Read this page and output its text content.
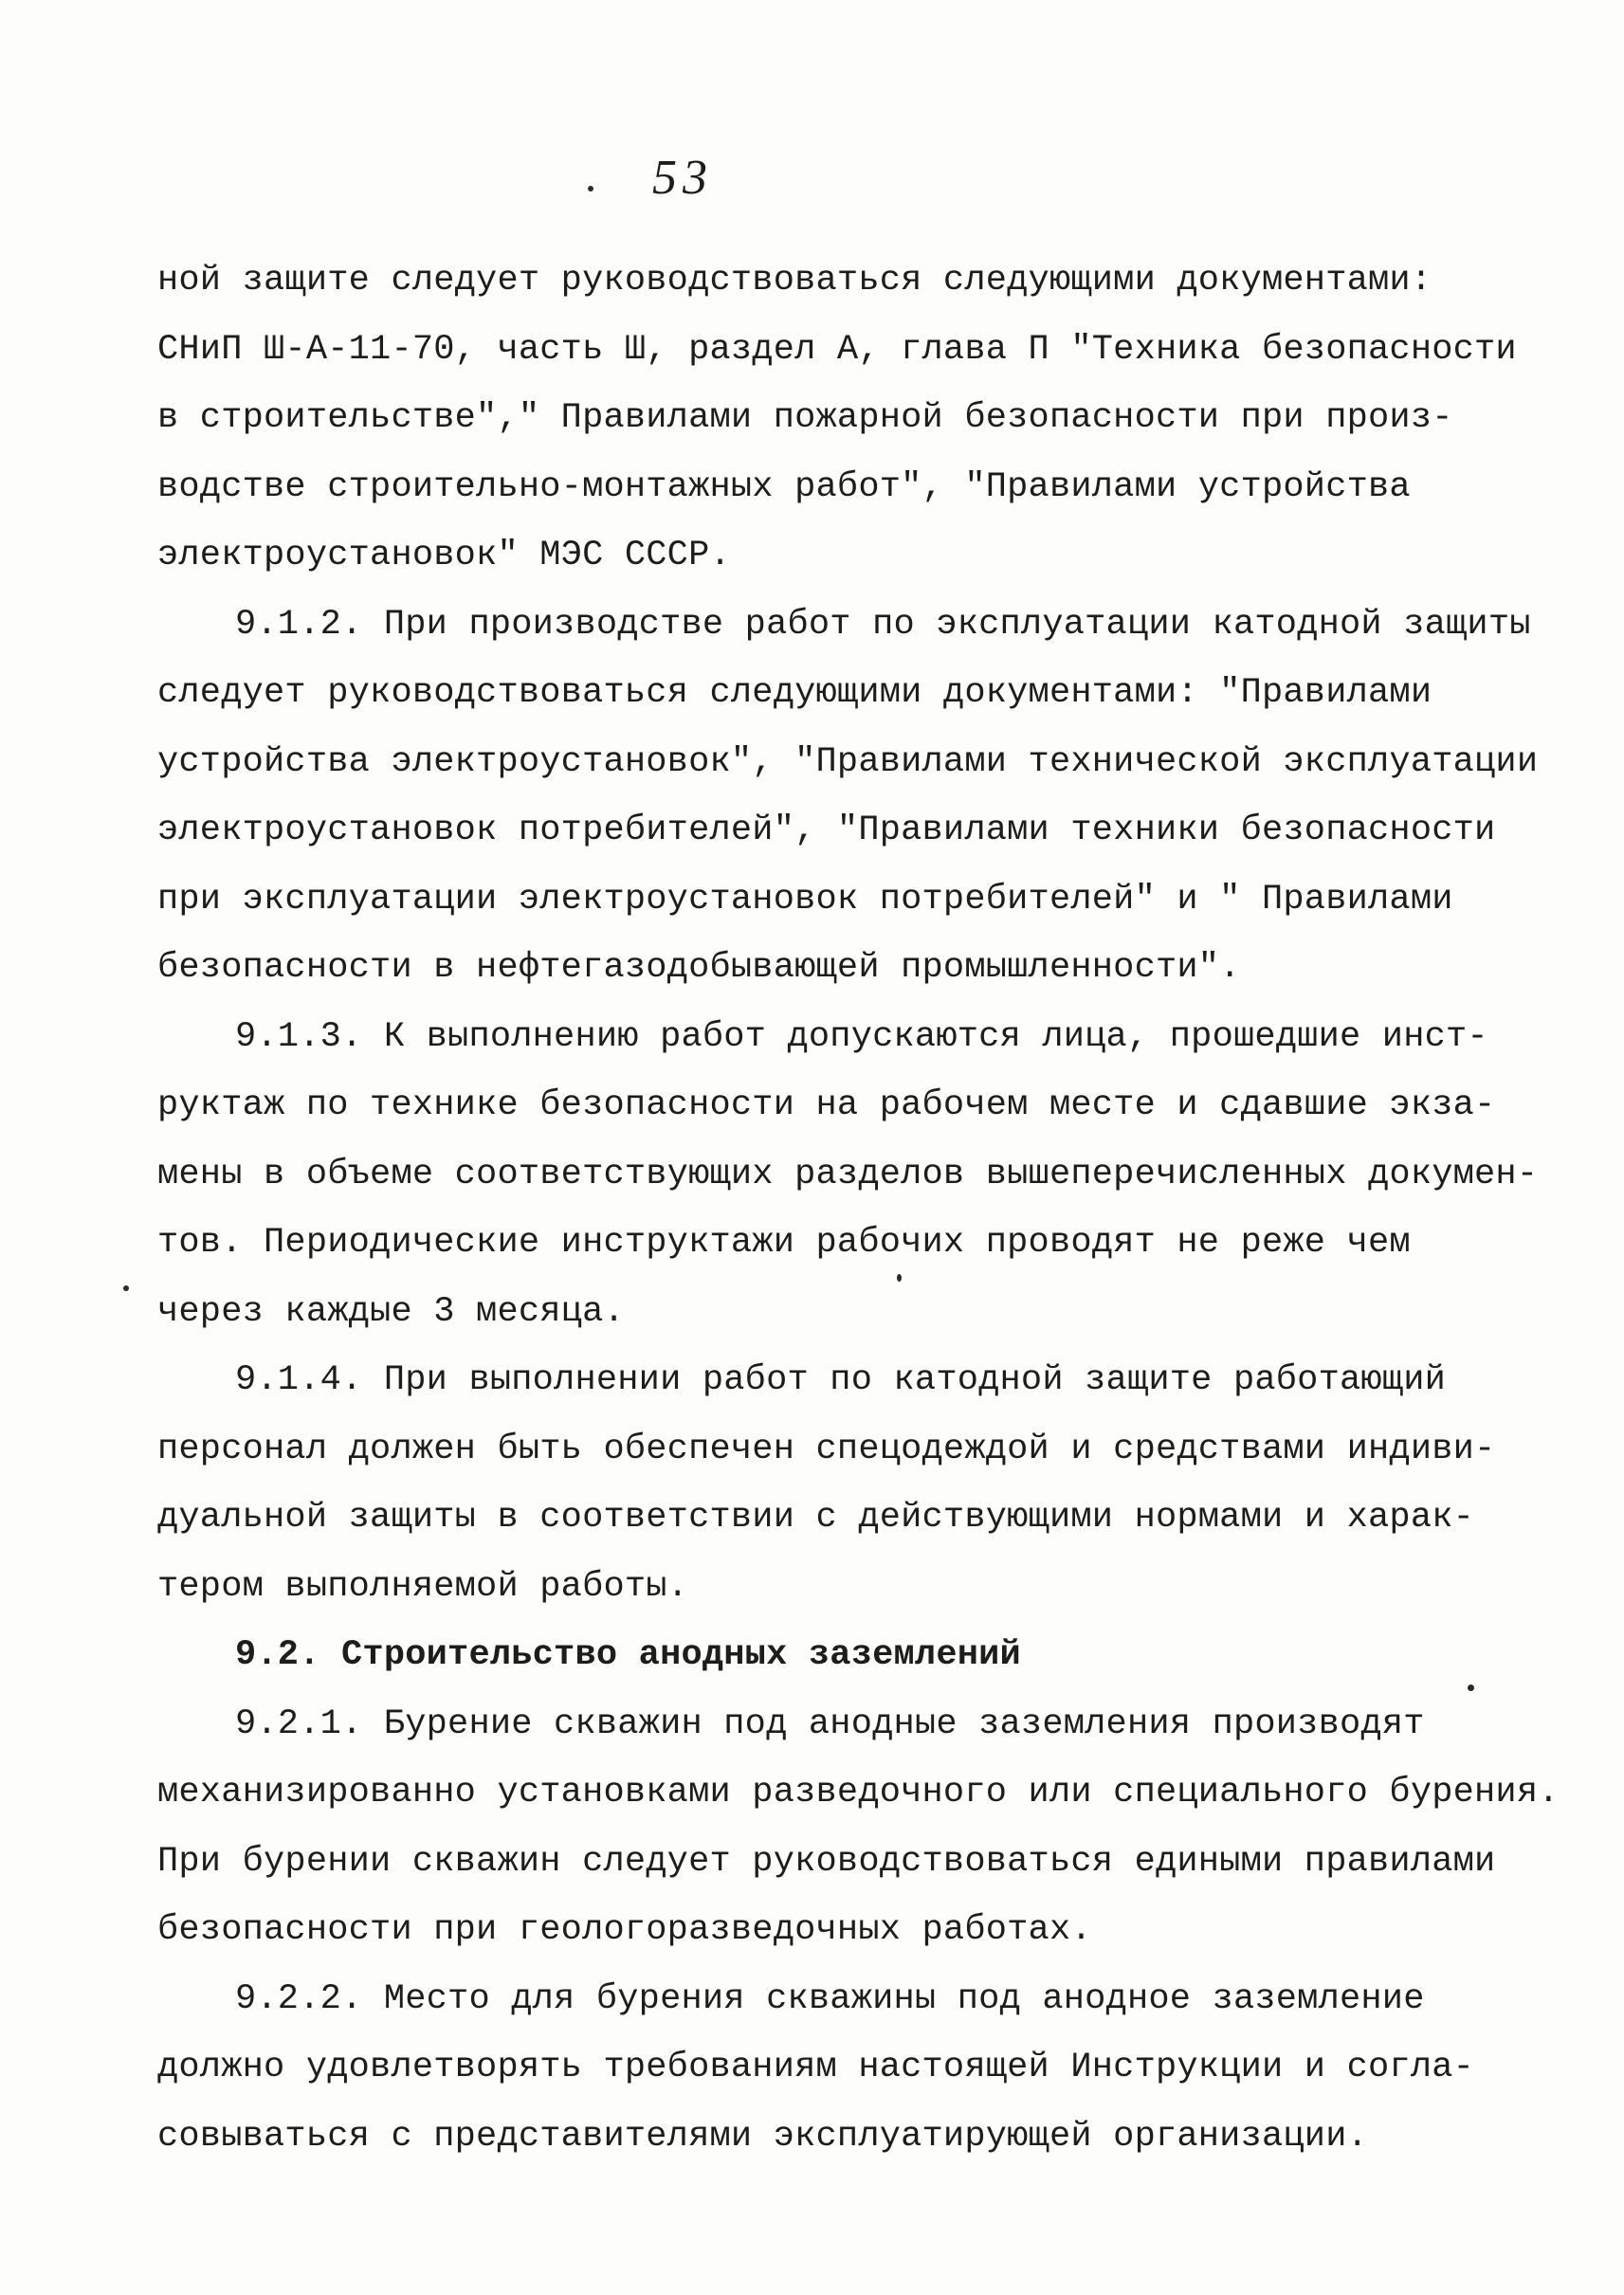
53
ной защите следует руководствоваться следующими документами:
СНиП Ш-А-11-70, часть Ш, раздел А, глава П "Техника безопасности
в строительстве"," Правилами пожарной безопасности при произ-
водстве строительно-монтажных работ", "Правилами устройства
электроустановок" МЭС СССР.
9.1.2. При производстве работ по эксплуатации катодной защиты
следует руководствоваться следующими документами: "Правилами
устройства электроустановок", "Правилами технической эксплуатации
электроустановок потребителей", "Правилами техники безопасности
при эксплуатации электроустановок потребителей" и " Правилами
безопасности в нефтегазодобывающей промышленности".
9.1.3. К выполнению работ допускаются лица, прошедшие инст-
руктаж по технике безопасности на рабочем месте и сдавшие экза-
мены в объеме соответствующих разделов вышеперечисленных докумен-
тов. Периодические инструктажи рабочих проводят не реже чем
через каждые 3 месяца.
9.1.4. При выполнении работ по катодной защите работающий
персонал должен быть обеспечен спецодеждой и средствами индиви-
дуальной защиты в соответствии с действующими нормами и харак-
тером выполняемой работы.
9.2. Строительство анодных заземлений
9.2.1. Бурение скважин под анодные заземления производят
механизированно установками разведочного или специального бурения.
При бурении скважин следует руководствоваться едиными правилами
безопасности при геологоразведочных работах.
9.2.2. Место для бурения скважины под анодное заземление
должно удовлетворять требованиям настоящей Инструкции и согла-
совываться с представителями эксплуатирующей организации.
